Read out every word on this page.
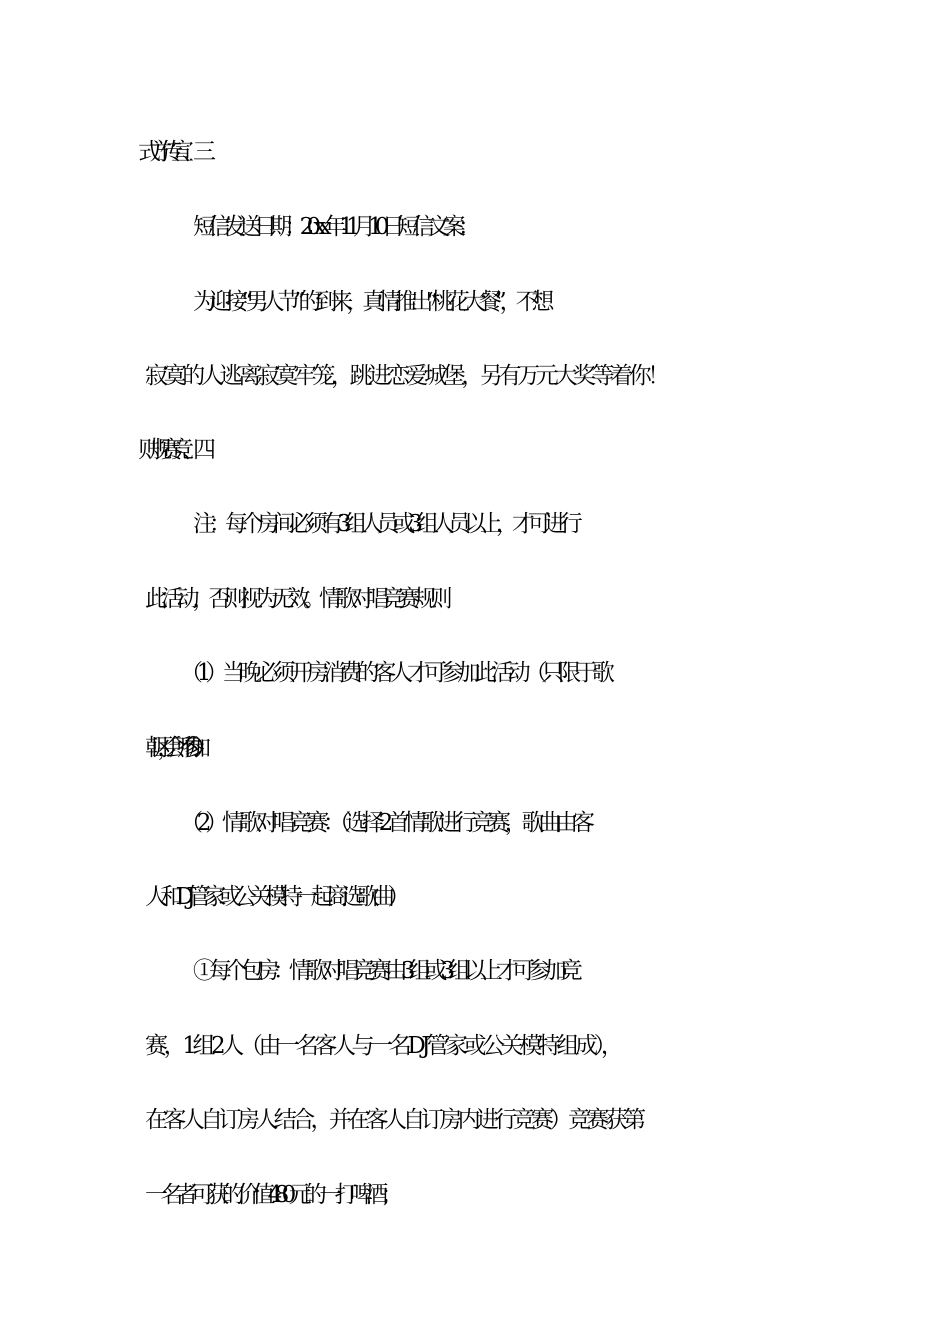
短信发送日期：20xx年11月10日短信文案：
为迎接“男人节”的到来，真情推出“桃花大餐”，不想
寂寞的人逃离寂寞牢笼，跳进恋爱城堡，另有万元大奖等着你！
注：每个房间必须有3组人员或3组人员以上，才可进行
此活动，否则视为无效。情歌对唱竞赛规则
（1）当晚必须开房消费的客人才可参加此活动（只限于歌
朝区，会所不参加）
（2）情歌对唱竞赛：（选择2首情歌进行竞赛，歌曲由客
人和DJ管家或公关模特一起商选歌曲）
①每个包房：情歌对唱竞赛由3组或3组以上才可参加竞
赛，1组2人（由一名客人与一名DJ管家或公关模特组成），
在客人自订房人结合，并在客人自订房内进行竞赛）竞赛获第
一名者可获的价值480元的一打啤酒；
